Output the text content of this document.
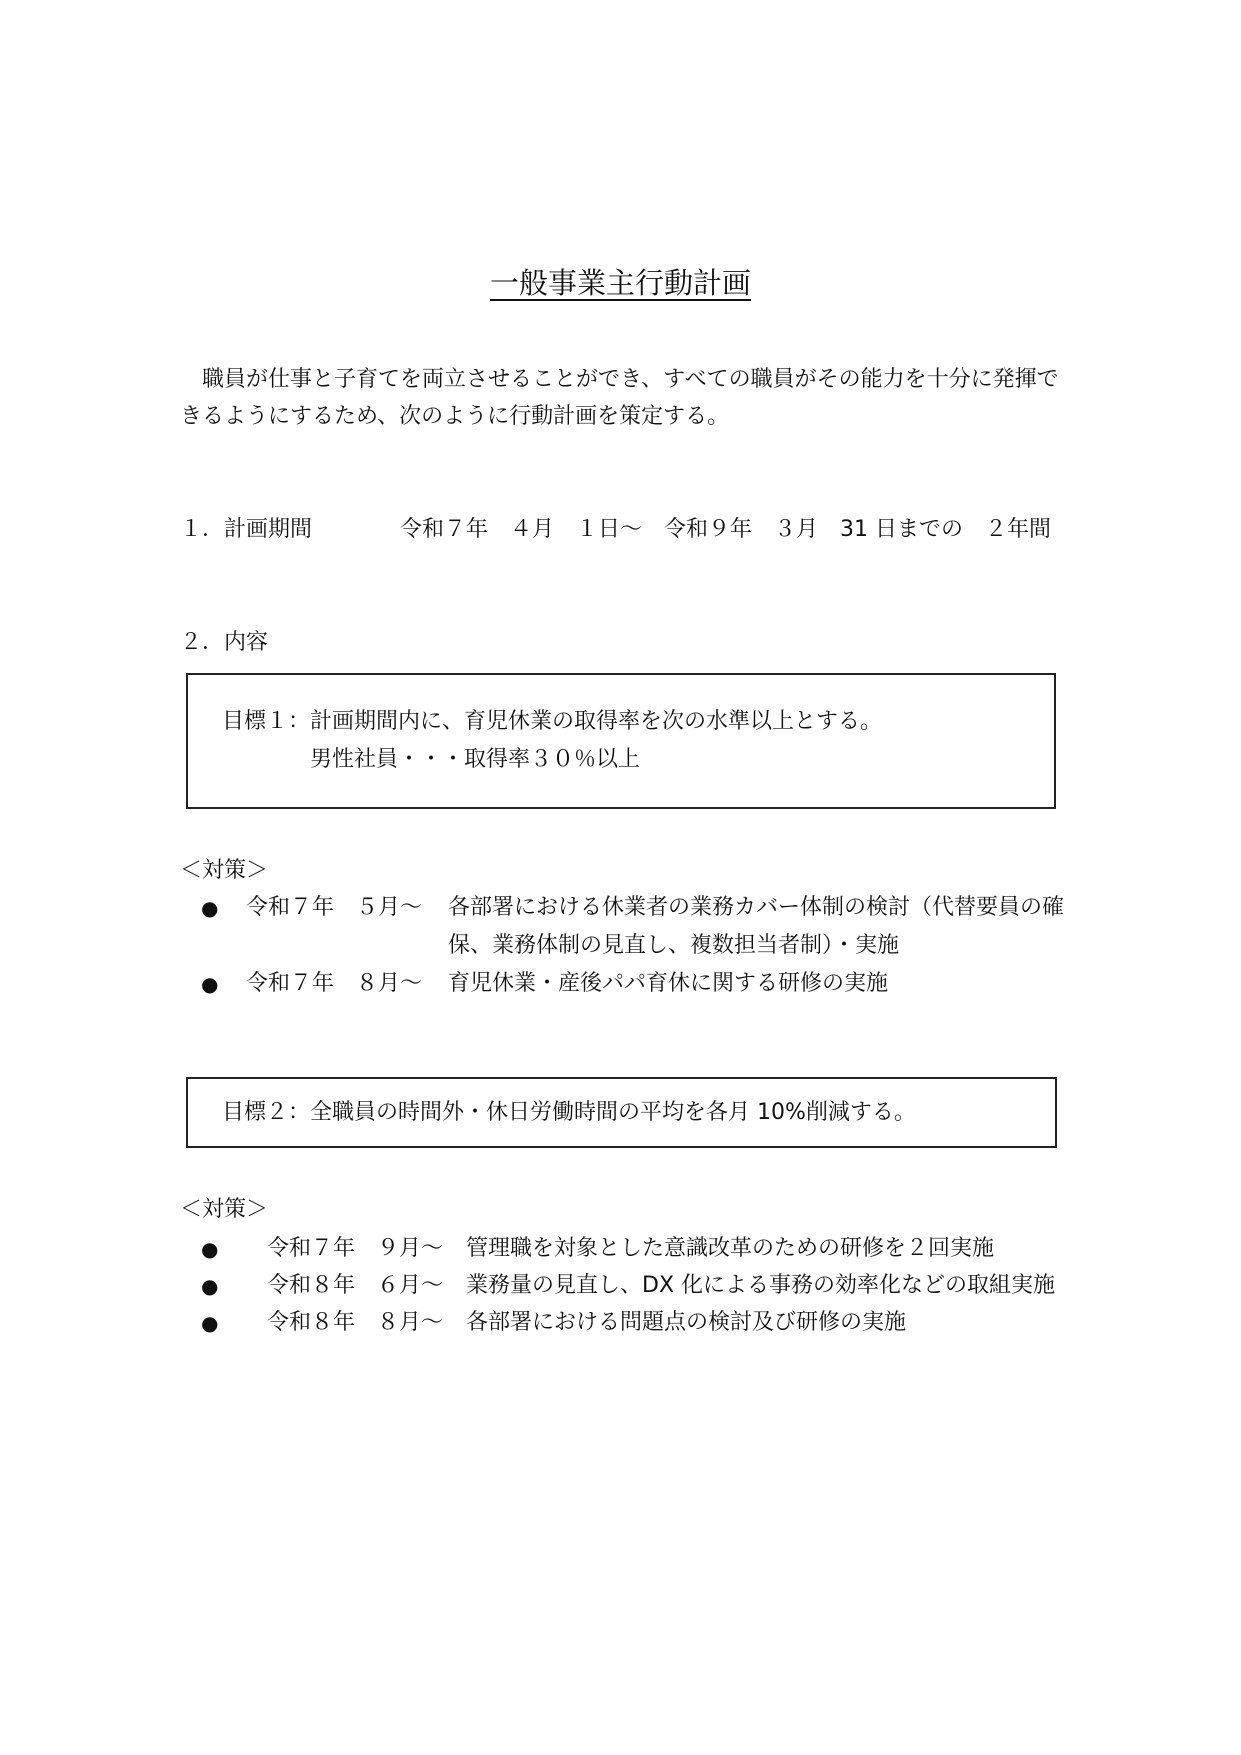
一般事業主行動計画
職員が仕事と子育てを両立させることができ、すべての職員がその能力を十分に発揮で
きるようにするため、次のように行動計画を策定する。
１．計画期間	令和７年　４月　１日～　令和９年　３月　31 日までの　２年間
２．内容
目標１：計画期間内に、育児休業の取得率を次の水準以上とする。
男性社員・・・取得率３０％以上
＜対策＞
● 令和７年　５月～ 各部署における休業者の業務カバー体制の検討（代替要員の確
保、業務体制の見直し、複数担当者制）・実施
● 令和７年　８月～ 育児休業・産後パパ育休に関する研修の実施
目標２：全職員の時間外・休日労働時間の平均を各月 10%削減する。
＜対策＞
● 令和７年　９月～ 管理職を対象とした意識改革のための研修を２回実施
● 令和８年　６月～ 業務量の見直し、DX 化による事務の効率化などの取組実施
● 令和８年　８月～ 各部署における問題点の検討及び研修の実施
